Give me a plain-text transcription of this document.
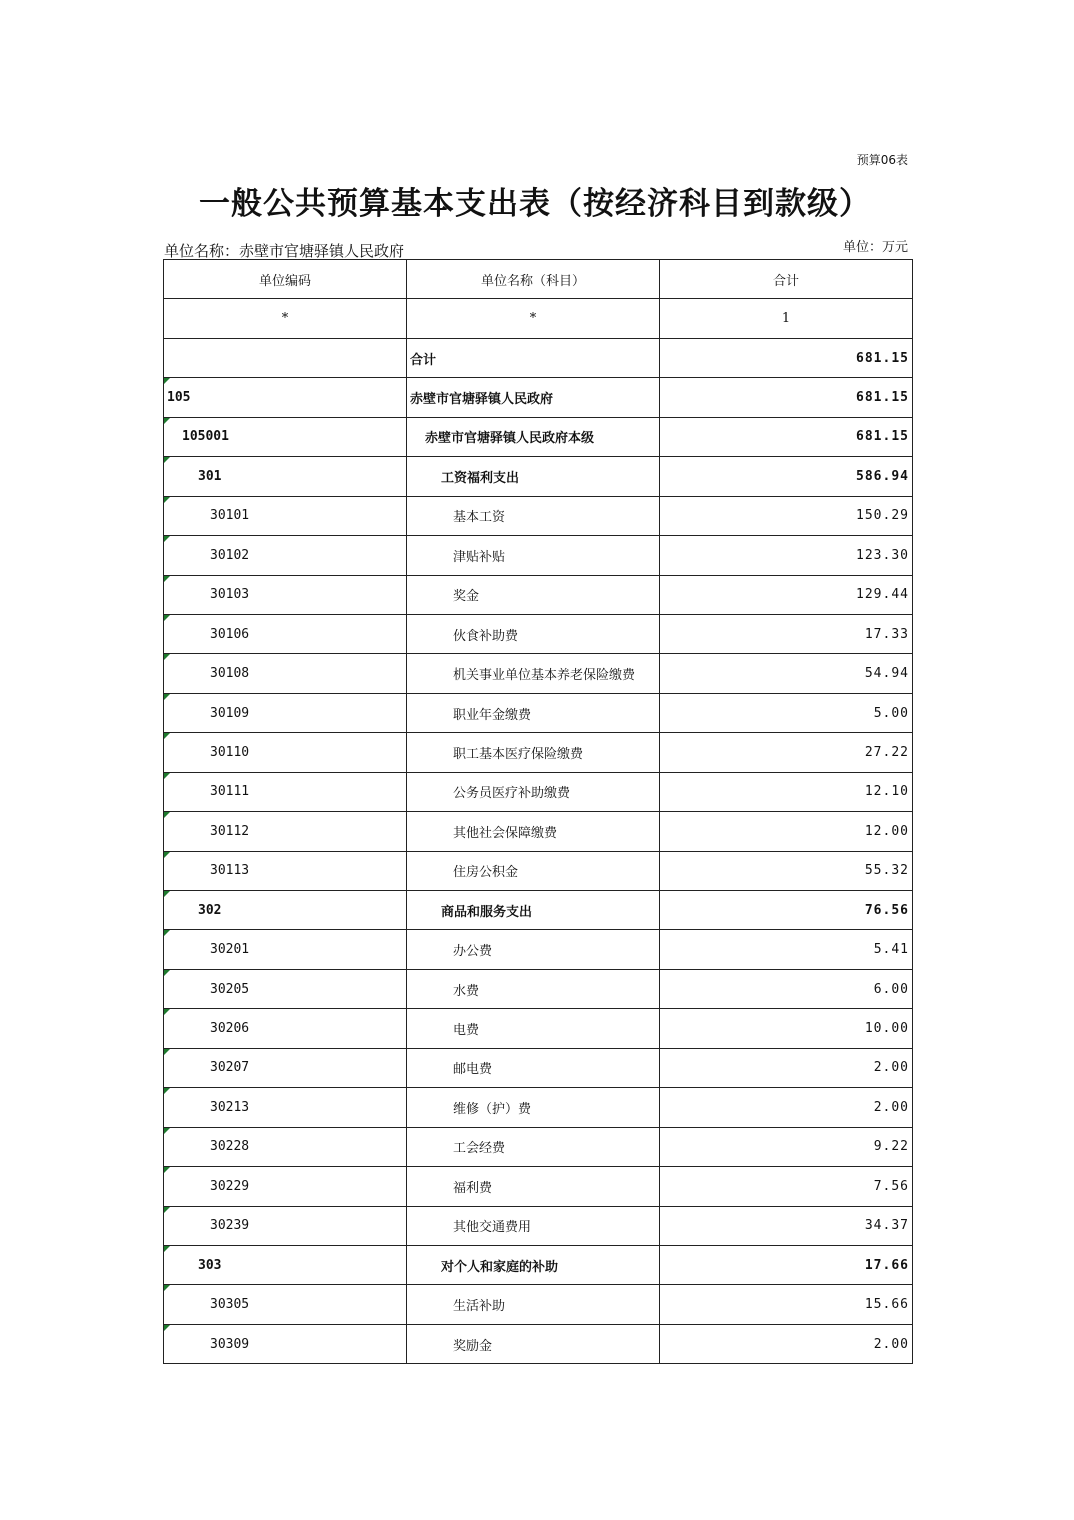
预算06表
一般公共预算基本支出表（按经济科目到款级）
单位名称：赤壁市官塘驿镇人民政府	单位：万元
单位编码	单位名称（科目）	合计
*	*	1
	合计	681.15
105	赤壁市官塘驿镇人民政府	681.15
105001	赤壁市官塘驿镇人民政府本级	681.15
301	工资福利支出	586.94
30101	基本工资	150.29
30102	津贴补贴	123.30
30103	奖金	129.44
30106	伙食补助费	17.33
30108	机关事业单位基本养老保险缴费	54.94
30109	职业年金缴费	5.00
30110	职工基本医疗保险缴费	27.22
30111	公务员医疗补助缴费	12.10
30112	其他社会保障缴费	12.00
30113	住房公积金	55.32
302	商品和服务支出	76.56
30201	办公费	5.41
30205	水费	6.00
30206	电费	10.00
30207	邮电费	2.00
30213	维修（护）费	2.00
30228	工会经费	9.22
30229	福利费	7.56
30239	其他交通费用	34.37
303	对个人和家庭的补助	17.66
30305	生活补助	15.66
30309	奖励金	2.00
